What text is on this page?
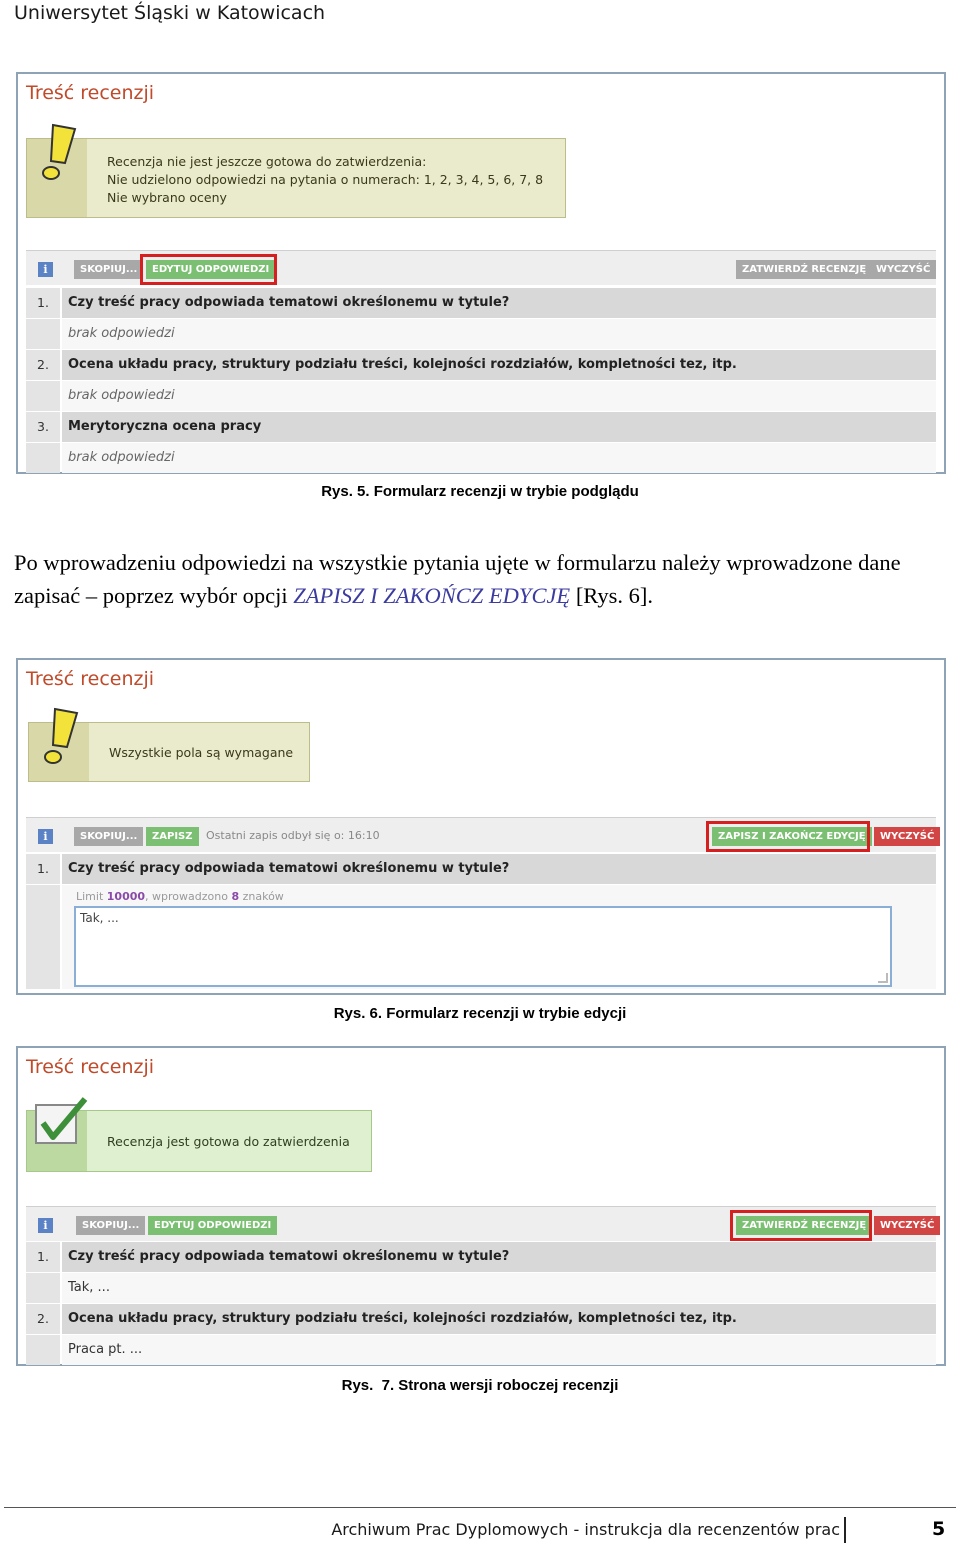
Uniwersytet Śląski w Katowicach
Treść recenzji
Recenzja nie jest jeszcze gotowa do zatwierdzenia:
Nie udzielono odpowiedzi na pytania o numerach: 1, 2, 3, 4, 5, 6, 7, 8
Nie wybrano oceny
i	SKOPIUJ...	EDYTUJ ODPOWIEDZI	ZATWIERDŹ RECENZJĘ WYCZYŚĆ
1.	Czy treść pracy odpowiada tematowi określonemu w tytule?
brak odpowiedzi
2.	Ocena układu pracy, struktury podziału treści, kolejności rozdziałów, kompletności tez, itp.
brak odpowiedzi
3.	Merytoryczna ocena pracy
brak odpowiedzi
Rys. 5. Formularz recenzji w trybie podglądu
Po wprowadzeniu odpowiedzi na wszystkie pytania ujęte w formularzu należy wprowadzone dane zapisać – poprzez wybór opcji ZAPISZ I ZAKOŃCZ EDYCJĘ [Rys. 6].
Treść recenzji
Wszystkie pola są wymagane
i	SKOPIUJ...	ZAPISZ	Ostatni zapis odbył się o: 16:10	ZAPISZ I ZAKOŃCZ EDYCJĘ	WYCZYŚĆ
1.	Czy treść pracy odpowiada tematowi określonemu w tytule?
Limit 10000, wprowadzono 8 znaków
Tak, ...
Rys. 6. Formularz recenzji w trybie edycji
Treść recenzji
Recenzja jest gotowa do zatwierdzenia
i	SKOPIUJ...	EDYTUJ ODPOWIEDZI	ZATWIERDŹ RECENZJĘ	WYCZYŚĆ
1.	Czy treść pracy odpowiada tematowi określonemu w tytule?
Tak, ...
2.	Ocena układu pracy, struktury podziału treści, kolejności rozdziałów, kompletności tez, itp.
Praca pt. ...
Rys.  7. Strona wersji roboczej recenzji
Archiwum Prac Dyplomowych - instrukcja dla recenzentów prac	5
